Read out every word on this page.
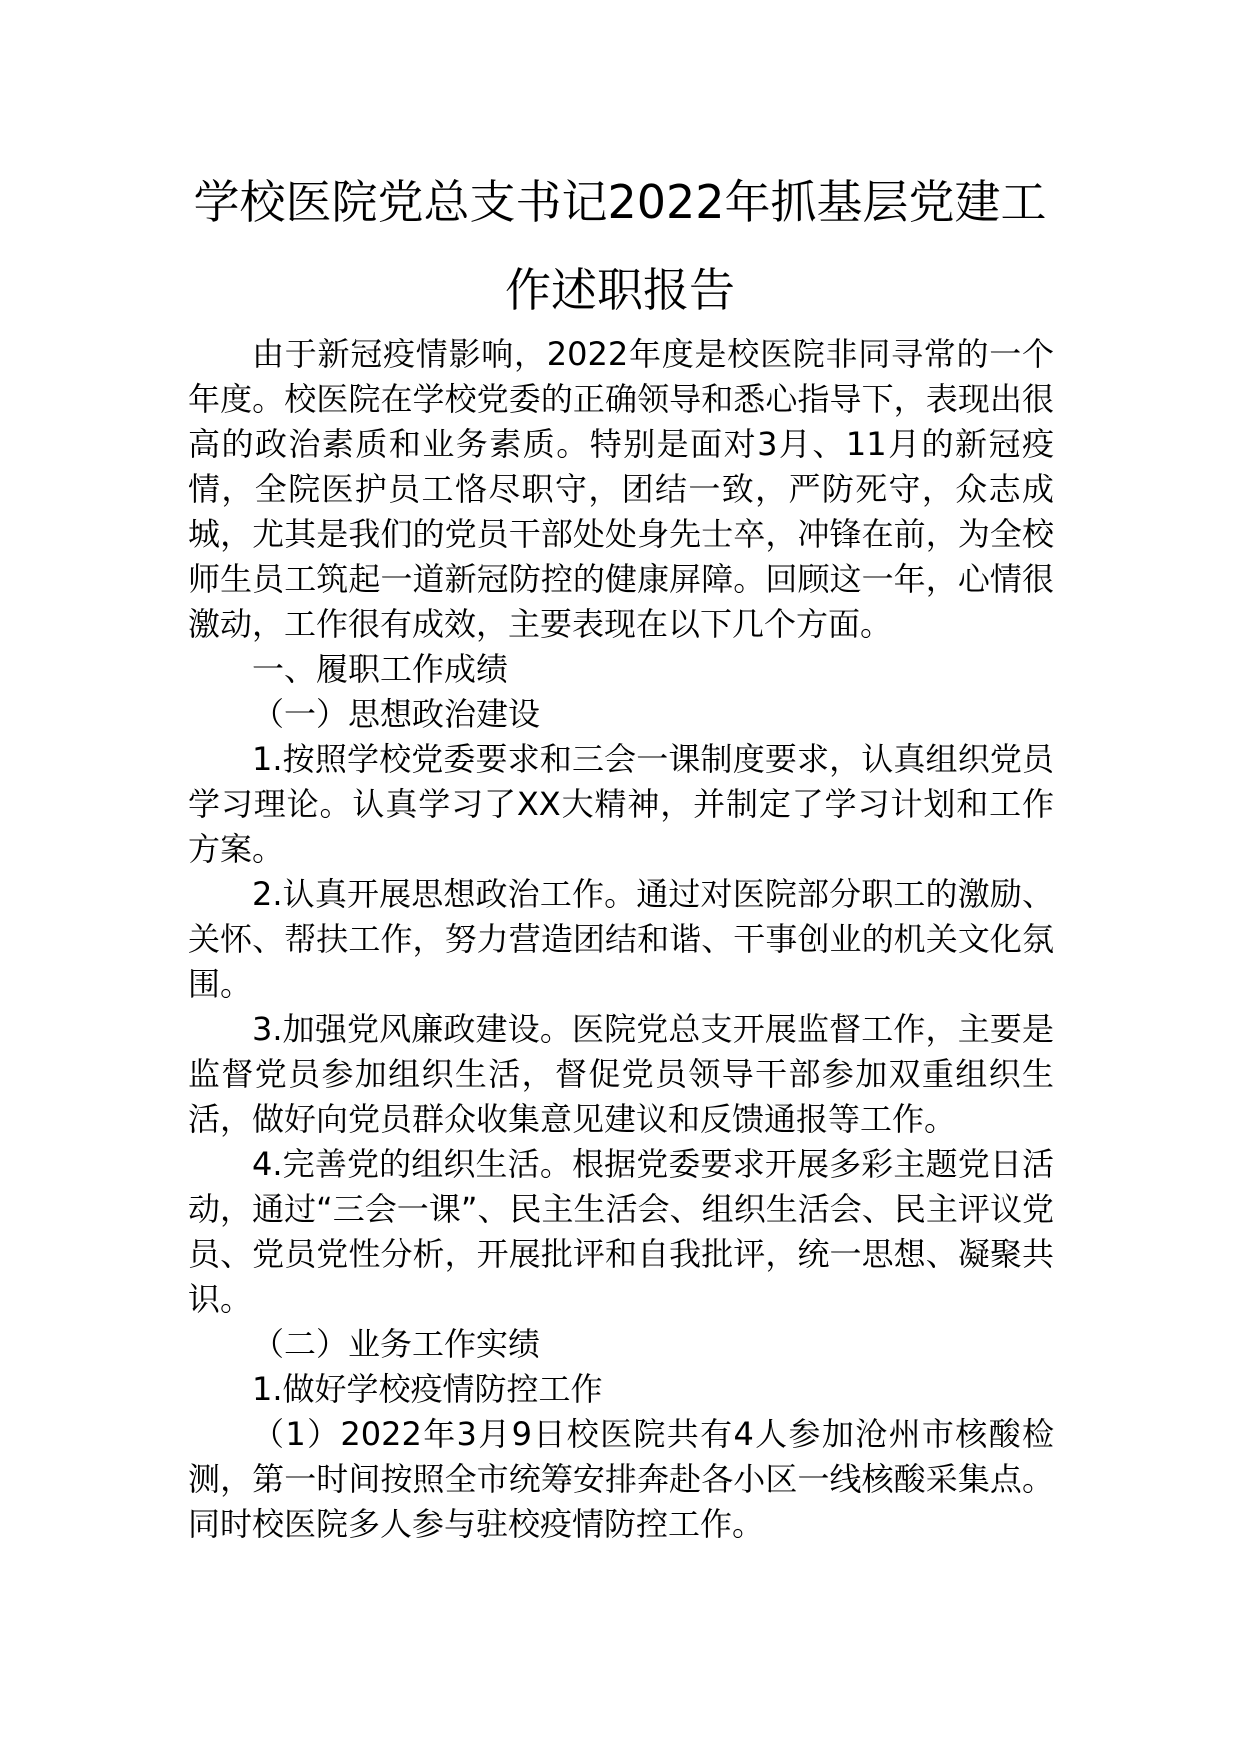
学校医院党总支书记2022年抓基层党建工
作述职报告

由于新冠疫情影响，2022年度是校医院非同寻常的一个年度。校医院在学校党委的正确领导和悉心指导下，表现出很高的政治素质和业务素质。特别是面对3月、11月的新冠疫情，全院医护员工恪尽职守，团结一致，严防死守，众志成城，尤其是我们的党员干部处处身先士卒，冲锋在前，为全校师生员工筑起一道新冠防控的健康屏障。回顾这一年，心情很激动，工作很有成效，主要表现在以下几个方面。

一、履职工作成绩

（一）思想政治建设

1.按照学校党委要求和三会一课制度要求，认真组织党员学习理论。认真学习了XX大精神，并制定了学习计划和工作方案。

2.认真开展思想政治工作。通过对医院部分职工的激励、关怀、帮扶工作，努力营造团结和谐、干事创业的机关文化氛围。

3.加强党风廉政建设。医院党总支开展监督工作，主要是监督党员参加组织生活，督促党员领导干部参加双重组织生活，做好向党员群众收集意见建议和反馈通报等工作。

4.完善党的组织生活。根据党委要求开展多彩主题党日活动，通过“三会一课”、民主生活会、组织生活会、民主评议党员、党员党性分析，开展批评和自我批评，统一思想、凝聚共识。

（二）业务工作实绩

1.做好学校疫情防控工作

（1）2022年3月9日校医院共有4人参加沧州市核酸检测，第一时间按照全市统筹安排奔赴各小区一线核酸采集点。同时校医院多人参与驻校疫情防控工作。
